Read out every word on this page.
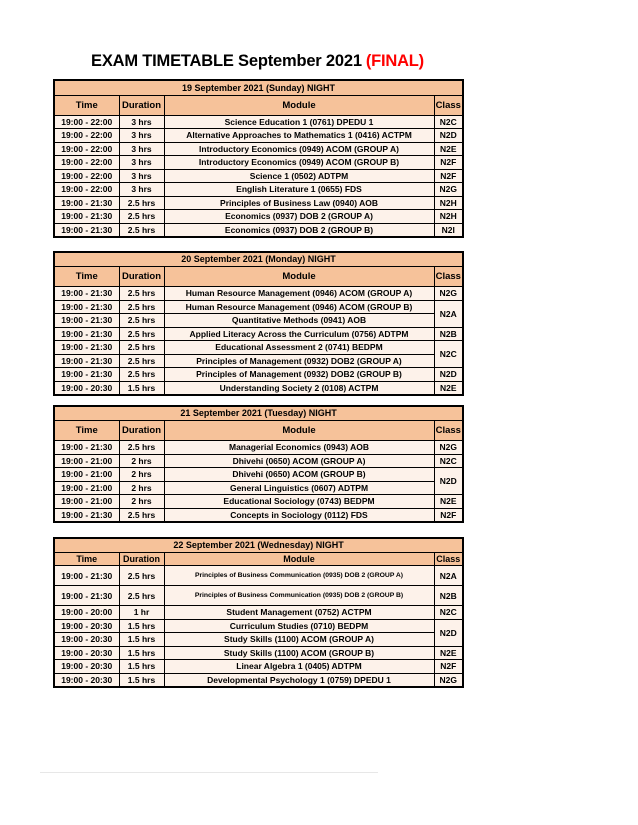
EXAM TIMETABLE September 2021 (FINAL)
19 September 2021 (Sunday) NIGHT			
Time	Duration	Module	Class
19:00 - 22:00	3 hrs	Science Education 1 (0761) DPEDU 1	N2C
19:00 - 22:00	3 hrs	Alternative Approaches to Mathematics 1 (0416) ACTPM	N2D
19:00 - 22:00	3 hrs	Introductory Economics (0949) ACOM (GROUP A)	N2E
19:00 - 22:00	3 hrs	Introductory Economics (0949) ACOM (GROUP B)	N2F
19:00 - 22:00	3 hrs	Science 1 (0502) ADTPM	N2F
19:00 - 22:00	3 hrs	English Literature 1 (0655) FDS	N2G
19:00 - 21:30	2.5 hrs	Principles of Business Law (0940) AOB	N2H
19:00 - 21:30	2.5 hrs	Economics (0937) DOB 2 (GROUP A)	N2H
19:00 - 21:30	2.5 hrs	Economics (0937) DOB 2 (GROUP B)	N2I
20 September 2021 (Monday) NIGHT			
Time	Duration	Module	Class
19:00 - 21:30	2.5 hrs	Human Resource Management (0946) ACOM (GROUP A)	N2G
19:00 - 21:30	2.5 hrs	Human Resource Management (0946) ACOM (GROUP B)	N2A
19:00 - 21:30	2.5 hrs	Quantitative Methods (0941) AOB	
19:00 - 21:30	2.5 hrs	Applied Literacy Across the Curriculum (0756) ADTPM	N2B
19:00 - 21:30	2.5 hrs	Educational Assessment 2 (0741) BEDPM	N2C
19:00 - 21:30	2.5 hrs	Principles of Management (0932) DOB2 (GROUP A)	
19:00 - 21:30	2.5 hrs	Principles of Management (0932) DOB2 (GROUP B)	N2D
19:00 - 20:30	1.5 hrs	Understanding Society 2 (0108) ACTPM	N2E
21 September 2021 (Tuesday) NIGHT			
Time	Duration	Module	Class
19:00 - 21:30	2.5 hrs	Managerial Economics (0943) AOB	N2G
19:00 - 21:00	2 hrs	Dhivehi (0650) ACOM (GROUP A)	N2C
19:00 - 21:00	2 hrs	Dhivehi (0650) ACOM (GROUP B)	N2D
19:00 - 21:00	2 hrs	General Linguistics (0607) ADTPM	
19:00 - 21:00	2 hrs	Educational Sociology (0743) BEDPM	N2E
19:00 - 21:30	2.5 hrs	Concepts in Sociology (0112) FDS	N2F
22 September 2021 (Wednesday) NIGHT			
Time	Duration	Module	Class
19:00 - 21:30	2.5 hrs	Principles of Business Communication (0935) DOB 2 (GROUP A)	N2A
19:00 - 21:30	2.5 hrs	Principles of Business Communication (0935) DOB 2 (GROUP B)	N2B
19:00 - 20:00	1 hr	Student Management (0752) ACTPM	N2C
19:00 - 20:30	1.5 hrs	Curriculum Studies (0710) BEDPM	N2D
19:00 - 20:30	1.5 hrs	Study Skills (1100) ACOM (GROUP A)	
19:00 - 20:30	1.5 hrs	Study Skills (1100) ACOM (GROUP B)	N2E
19:00 - 20:30	1.5 hrs	Linear Algebra 1 (0405) ADTPM	N2F
19:00 - 20:30	1.5 hrs	Developmental Psychology 1 (0759) DPEDU 1	N2G
